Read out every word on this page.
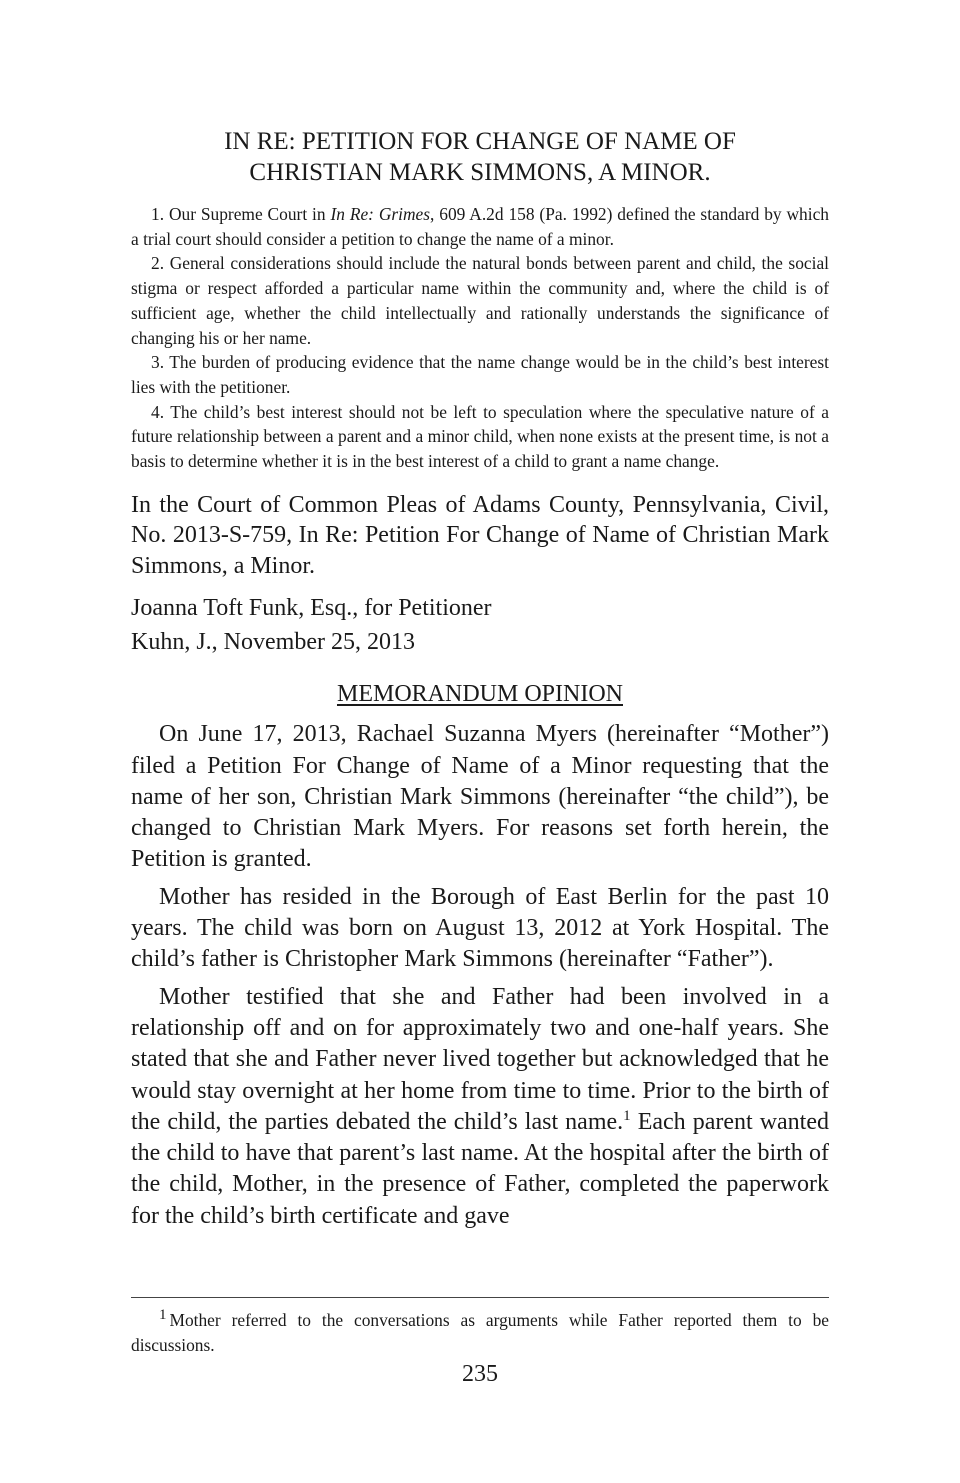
IN RE: PETITION FOR CHANGE OF NAME OF
CHRISTIAN MARK SIMMONS, A MINOR.

1. Our Supreme Court in In Re: Grimes, 609 A.2d 158 (Pa. 1992) defined the standard by which a trial court should consider a petition to change the name of a minor.

2. General considerations should include the natural bonds between parent and child, the social stigma or respect afforded a particular name within the community and, where the child is of sufficient age, whether the child intellectually and rationally understands the significance of changing his or her name.

3. The burden of producing evidence that the name change would be in the child’s best interest lies with the petitioner.

4. The child’s best interest should not be left to speculation where the speculative nature of a future relationship between a parent and a minor child, when none exists at the present time, is not a basis to determine whether it is in the best interest of a child to grant a name change.

In the Court of Common Pleas of Adams County, Pennsylvania, Civil, No. 2013-S-759, In Re: Petition For Change of Name of Christian Mark Simmons, a Minor.

Joanna Toft Funk, Esq., for Petitioner

Kuhn, J., November 25, 2013

MEMORANDUM OPINION

On June 17, 2013, Rachael Suzanna Myers (hereinafter “Mother”) filed a Petition For Change of Name of a Minor requesting that the name of her son, Christian Mark Simmons (hereinafter “the child”), be changed to Christian Mark Myers. For reasons set forth herein, the Petition is granted.

Mother has resided in the Borough of East Berlin for the past 10 years. The child was born on August 13, 2012 at York Hospital. The child’s father is Christopher Mark Simmons (hereinafter “Father”).

Mother testified that she and Father had been involved in a relationship off and on for approximately two and one-half years. She stated that she and Father never lived together but acknowledged that he would stay overnight at her home from time to time. Prior to the birth of the child, the parties debated the child’s last name.$^1$ Each parent wanted the child to have that parent’s last name. At the hospital after the birth of the child, Mother, in the presence of Father, completed the paperwork for the child’s birth certificate and gave

1 Mother referred to the conversations as arguments while Father reported them to be discussions.
235
